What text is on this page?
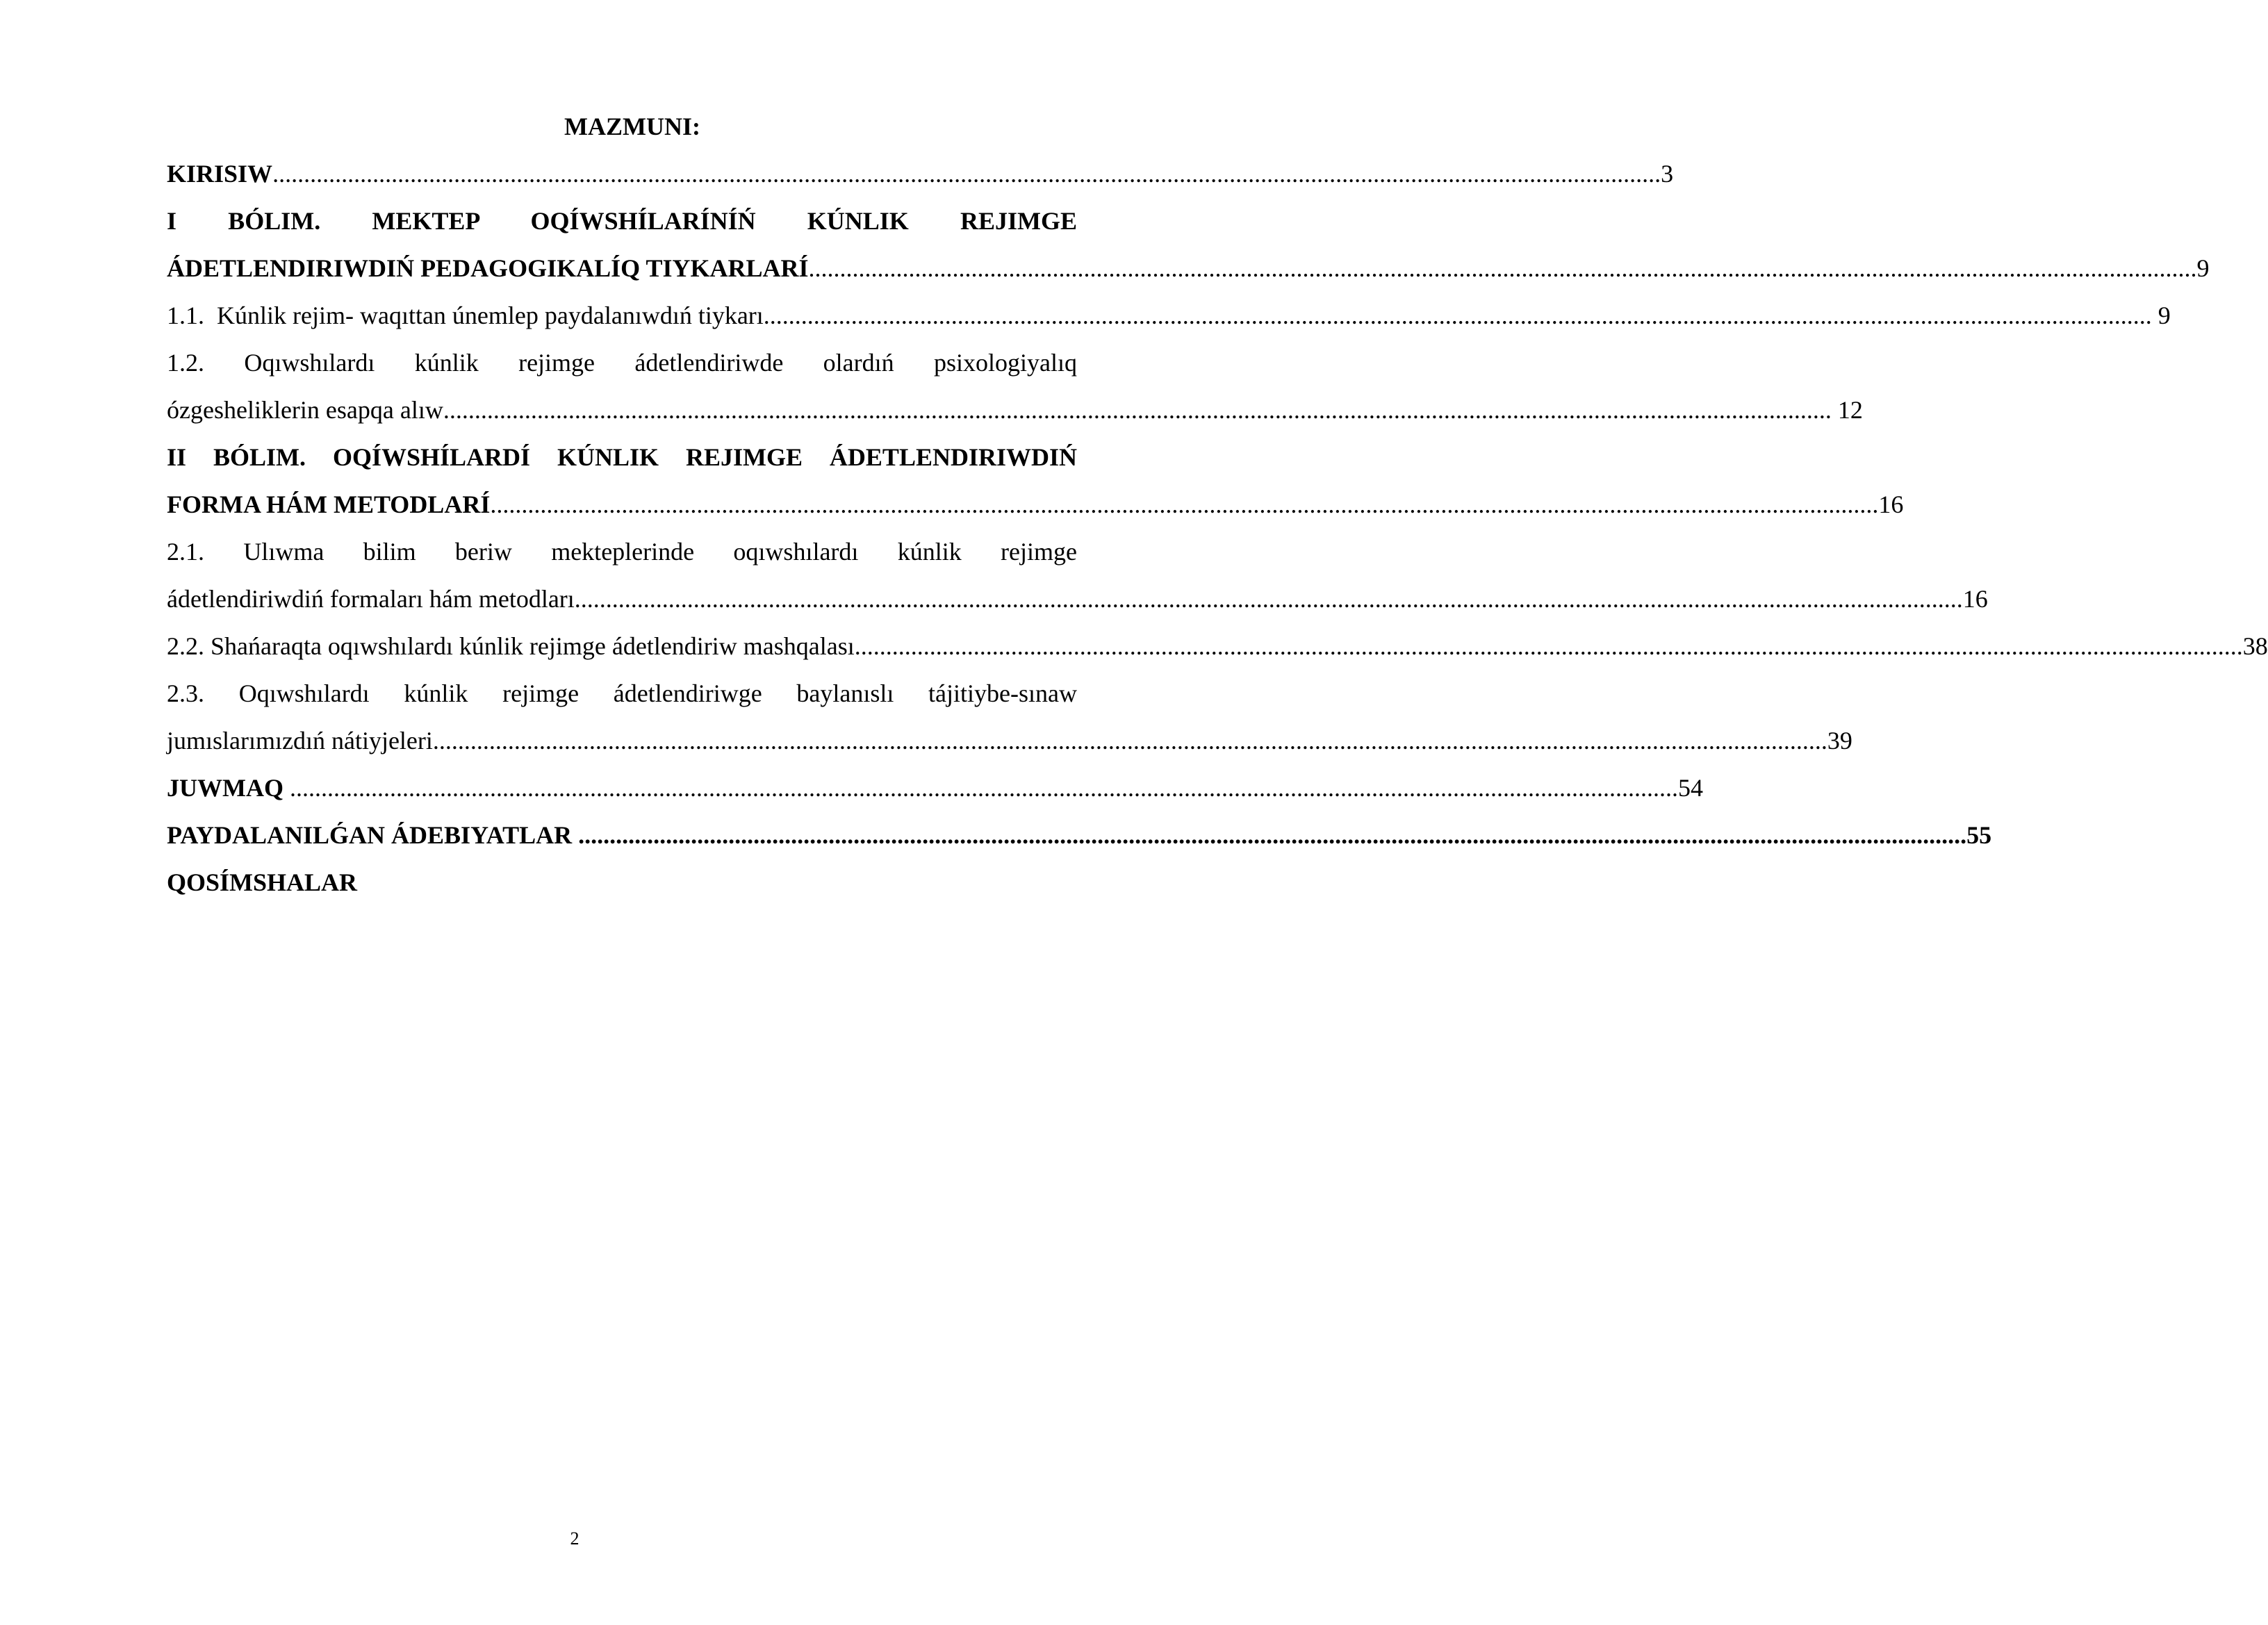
MAZMUNI:
KIRISIW .............................................................................................................................................................................................................................. 3
I BÓLIM. MEKTEP OQÍWSHÍLARÍNÍŃ KÚNLIK REJIMGE
ÁDETLENDIRIWDIŃ PEDAGOGIKALÍQ TIYKARLARÍ .............................................................................................................................................................................................................................. 9
1.1.  Kúnlik rejim- waqıttan únemlep paydalanıwdıń tiykarı .............................................................................................................................................................................................................................. 9
1.2. Oqıwshılardı kúnlik rejimge ádetlendiriwde olardıń psixologiyalıq
ózgesheliklerin esapqa alıw .............................................................................................................................................................................................................................. 12
II BÓLIM. OQÍWSHÍLARDÍ KÚNLIK REJIMGE ÁDETLENDIRIWDIŃ
FORMA HÁM METODLARÍ .............................................................................................................................................................................................................................. 16
2.1. Ulıwma bilim beriw mekteplerinde oqıwshılardı kúnlik rejimge
ádetlendiriwdiń formaları hám metodları .............................................................................................................................................................................................................................. 16
2.2. Shańaraqta oqıwshılardı kúnlik rejimge ádetlendiriw mashqalası .............................................................................................................................................................................................................................. 38
2.3. Oqıwshılardı kúnlik rejimge ádetlendiriwge baylanıslı tájitiybe-sınaw
jumıslarımızdıń nátiyjeleri. .............................................................................................................................................................................................................................. 39
JUWMAQ .............................................................................................................................................................................................................................. 54
PAYDALANILǴAN ÁDEBIYATLAR .............................................................................................................................................................................................................................. 55
QOSÍMSHALAR
2
